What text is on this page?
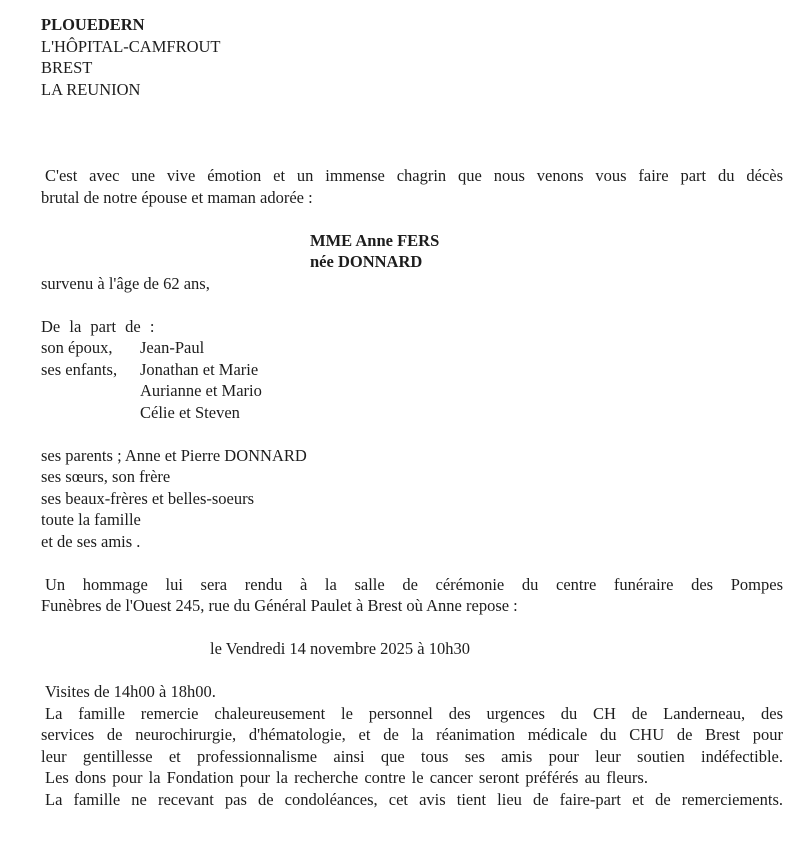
PLOUEDERN
L'HÔPITAL-CAMFROUT
BREST
LA REUNION
C'est avec une vive émotion et un immense chagrin que nous venons vous faire part du décès
brutal de notre épouse et maman adorée :
MME Anne FERS
née DONNARD
survenu à l'âge de 62 ans,
De la part de :
son époux,	Jean-Paul
ses enfants,	Jonathan et Marie
Aurianne et Mario
Célie et Steven
ses parents ; Anne et Pierre DONNARD
ses sœurs, son frère
ses beaux-frères et belles-soeurs
toute la famille
et de ses amis .
Un hommage lui sera rendu à la salle de cérémonie du centre funéraire des Pompes
Funèbres de l'Ouest 245, rue du Général Paulet à Brest où Anne repose :
le Vendredi 14 novembre 2025 à 10h30
Visites de 14h00 à 18h00.
La famille remercie chaleureusement le personnel des urgences du CH de Landerneau, des
services de neurochirurgie, d'hématologie, et de la réanimation médicale du CHU de Brest pour
leur gentillesse et professionnalisme ainsi que tous ses amis pour leur soutien indéfectible.
Les dons pour la Fondation pour la recherche contre le cancer seront préférés au fleurs.
La famille ne recevant pas de condoléances, cet avis tient lieu de faire-part et de remerciements.
